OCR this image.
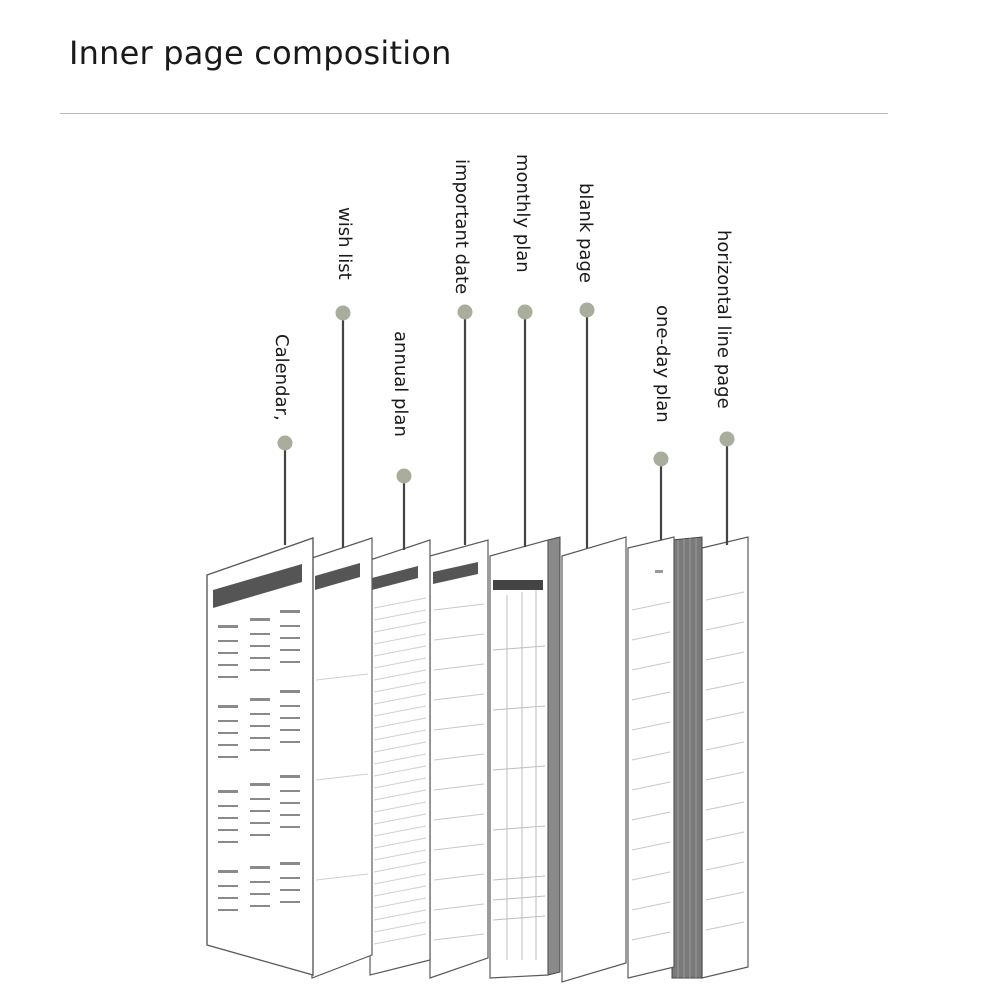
Inner page composition
Calendar,
wish list
annual plan
important date monthly plan blank page
one-day plan horizontal line page
